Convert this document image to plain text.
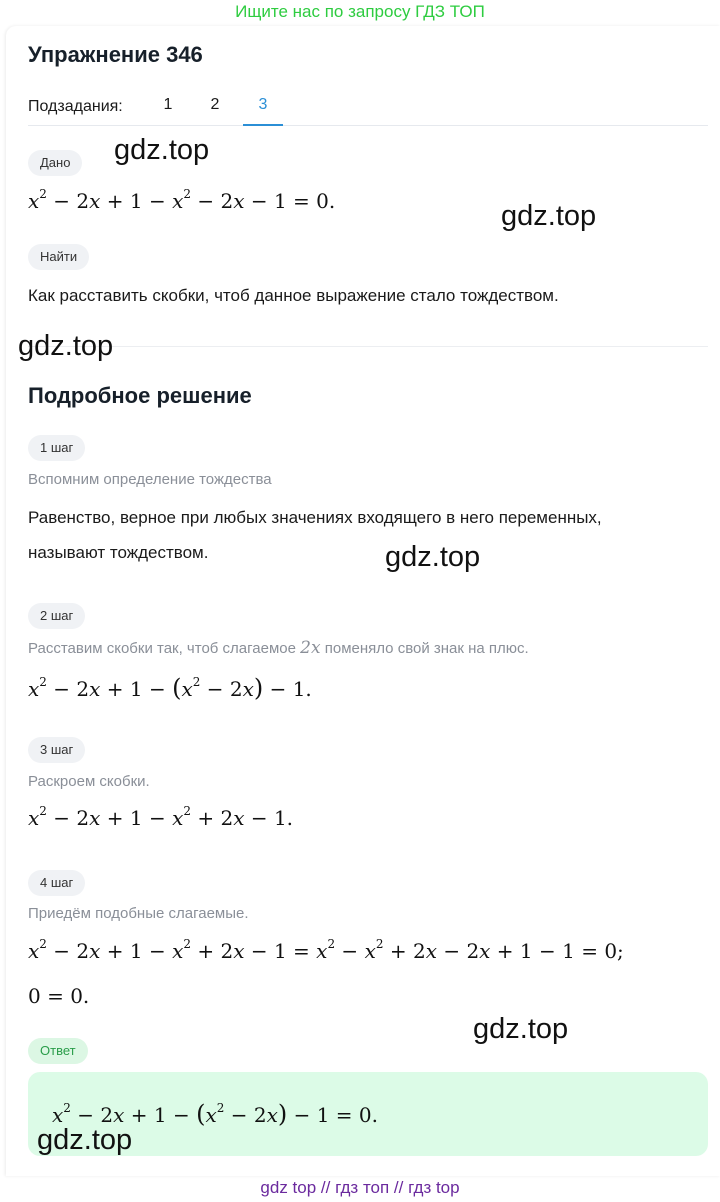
Ищите нас по запросу ГДЗ ТОП
Упражнение 346
Подзадания:	1	2	3
Дано
$x^2 - 2x + 1 - x^2 - 2x - 1 = 0$.
Найти
Как расставить скобки, чтоб данное выражение стало тождеством.
Подробное решение
1 шаг
Вспомним определение тождества
Равенство, верное при любых значениях входящего в него переменных,
называют тождеством.
2 шаг
Расставим скобки так, чтоб слагаемое 2x поменяло свой знак на плюс.
$x^2 - 2x + 1 - (x^2 - 2x) - 1$.
3 шаг
Раскроем скобки.
$x^2 - 2x + 1 - x^2 + 2x - 1$.
4 шаг
Приедём подобные слагаемые.
$x^2 - 2x + 1 - x^2 + 2x - 1 = x^2 - x^2 + 2x - 2x + 1 - 1 = 0$;
0 = 0.
Ответ
$x^2 - 2x + 1 - (x^2 - 2x) - 1 = 0$.
gdz.top
gdz.top
gdz.top
gdz.top
gdz.top
gdz.top
gdz top // гдз топ // гдз top
